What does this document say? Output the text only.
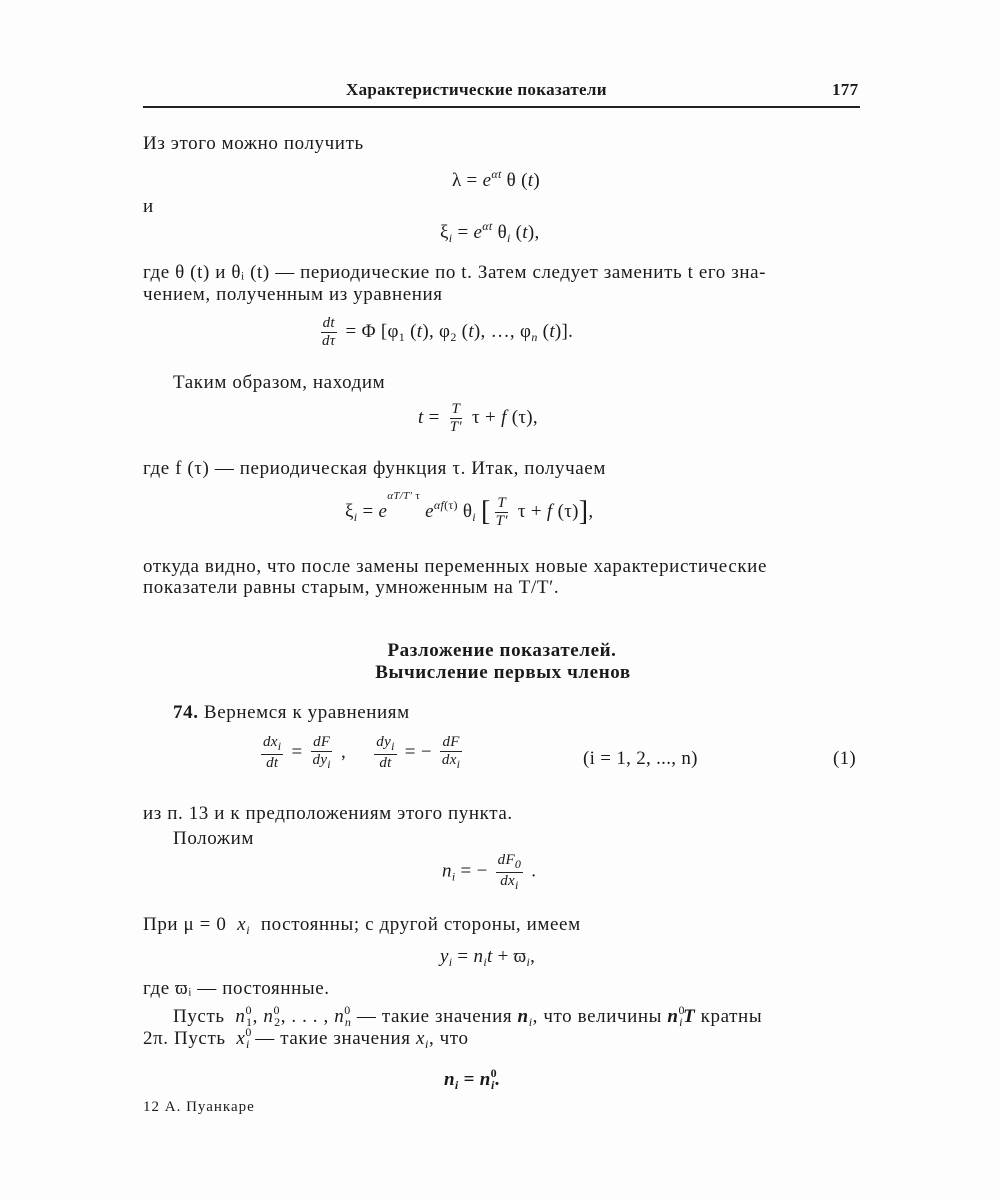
Характеристические показатели	177
Из этого можно получить
$\lambda = e^{\alpha t}$ θ (t)
и
$\xi_i = e^{\alpha t}$ $\theta_i$ (t),
где θ (t) и θᵢ (t) — периодические по t. Затем следует заменить t его зна-
чением, полученным из уравнения
$\frac{dt}{d\tau} = \Phi$ [$\varphi_1$ (t), $\varphi_2$ (t), …, $\varphi_n$ (t)].
Таким образом, находим
$t = \frac{T}{T'}$ τ + f (τ),
где f (τ) — периодическая функция τ. Итак, получаем
$\xi_i = e^{\alpha T/T' \tau}$ $e^{\alpha f(\tau)}$ $\theta_i$ [ $\frac{T}{T'}$ τ + f (τ)],
откуда видно, что после замены переменных новые характеристические
показатели равны старым, умноженным на T/T′.
Разложение показателей.
Вычисление первых членов
74. Вернемся к уравнениям
$\frac{dx_i}{dt} = \frac{dF}{dy_i}$ , $\frac{dy_i}{dt}$ = − $\frac{dF}{dx_i}$	(i = 1, 2, ..., n)	(1)
из п. 13 и к предположениям этого пункта.
Положим
$n_i$ = − $\frac{dF_0}{dx_i}$ .
При μ = 0 $x_i$ постоянны; с другой стороны, имеем
$y_i = n_it + ϖ_i$,
где ϖᵢ — постоянные.
Пусть $n^0_1$, $n^0_2$, . . . , $n^0_n$ — такие значения $n_i$, что величины $n^0_iT$ кратны
2π. Пусть $x^0_i$ — такие значения $x_i$, что
$n_i = n^0_i$.
12 А. Пуанкаре
